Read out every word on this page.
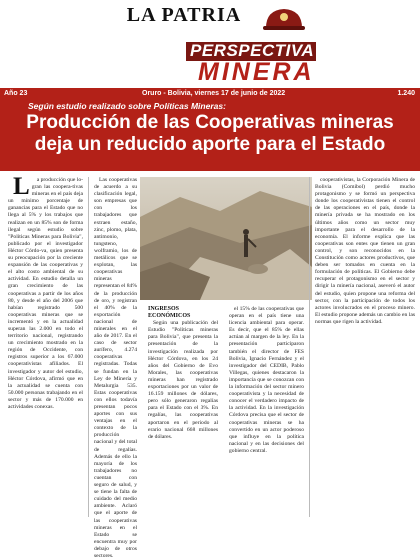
LA PATRIA
PERSPECTIVA
MINERA
Año 23	Oruro - Bolivia, viernes 17 de junio de 2022	1.240
Según estudio realizado sobre Políticas Mineras:
Producción de las Cooperativas mineras deja un reducido aporte para el Estado

L a producción que lo-gran las coopera-tivas mineras en el país deja un mínimo porcentaje de ganancias para el Estado que no llega al 5% y los trabajos que realizan en un 85% son de forma ilegal según estudio sobre "Políticas Mineras para Bolivia", publicado por el investigador Héctor Córdo-va, quien presenta su preocupación por la creciente expansión de las cooperativas y el alto costo ambiental de su actividad. En estudio detalla un gran crecimiento de las cooperativas a partir de los años 80, y desde el año del 2006 que habían registrado 500 cooperativas mineras que se incrementó y en la actualidad superan las 2.000 en todo el territorio nacional, registrando un crecimiento mostrado en la región de Occidente, con registros superior a los 67.000 cooperativistas afiliados. El investigador y autor del estudio, Héctor Córdova, afirmó que en la actualidad se cuenta con 50.000 personas trabajando en el sector y más de 170.000 en actividades conexas.

Las cooperativas de acuerdo a su clasificación legal, son empresas que con los trabajadores que extraen estaño, zinc, plomo, plata, antimonio, tungsteno, wolframio, los de metálicos que se explotan, las cooperativas mineras representan el 84% de la producción de oro, y registran el 40% de la exportación nacional de minerales en el año de 2017. En el caso de sector aurífero, 4.274 cooperativas registradas. Todas se fundan en la Ley de Minería y Metalurgia 535. Estas cooperativas con ellos todavía presentan pocos aportes con sus ventajas en el contexto de la producción nacional y del total de regalías. Además de ello la mayoría de los trabajadores no cuentan con seguro de salud, y se tiene la falta de cuidado del medio ambiente. Aclaró que el aporte de las cooperativas mineras en el Estado se encuentra muy por debajo de otros sectores.

INGRESOS ECONÓMICOS

Según una publicación del Estudio "Políticas mineras para Bolivia", que presenta la presentación de la investigación realizada por Héctor Córdova, en los 24 años del Gobierno de Evo Morales, las cooperativas mineras han registrado exportaciones por un valor de 16.159 millones de dólares, pero sólo generaron regalías para el Estado con el 3%. En regalías, las cooperativas aportaron en el periodo al erario nacional 668 millones de dólares.

el 15% de las cooperativas que operan en el país tiene una licencia ambiental para operar. Es decir, que el 85% de ellas actúan al margen de la ley. En la presentación participaron también el director de FES Bolivia, Ignacio Fernández y el investigador del CEDIB, Pablo Villegas, quienes destacaron la importancia que se conozcan con la información del sector minero cooperativista y la necesidad de conocer el verdadero impacto de la actividad. En la investigación Córdova precisa que el sector de cooperativas mineras se ha convertido en un actor poderoso que influye en la política nacional y en las decisiones del gobierno central.

cooperativistas, la Corporación Minera de Bolivia (Comibol) perdió mucho protagonismo y se formó un perspectiva donde los cooperativistas tienen el control de las operaciones en el país, donde la minería privada se ha mostrado en los últimos años como un sector muy importante para el desarrollo de la economía. El informe explica que las cooperativas son entes que tienen un gran control, y son reconocidos en la Constitución como actores productivos, que deben ser tomados en cuenta en la formulación de políticas. El Gobierno debe recuperar el protagonismo en el sector y dirigir la minería nacional, aseveró el autor del estudio, quien propone una reforma del sector, con la participación de todos los actores involucrados en el proceso minero. El estudio propone además un cambio en las normas que rigen la actividad.
